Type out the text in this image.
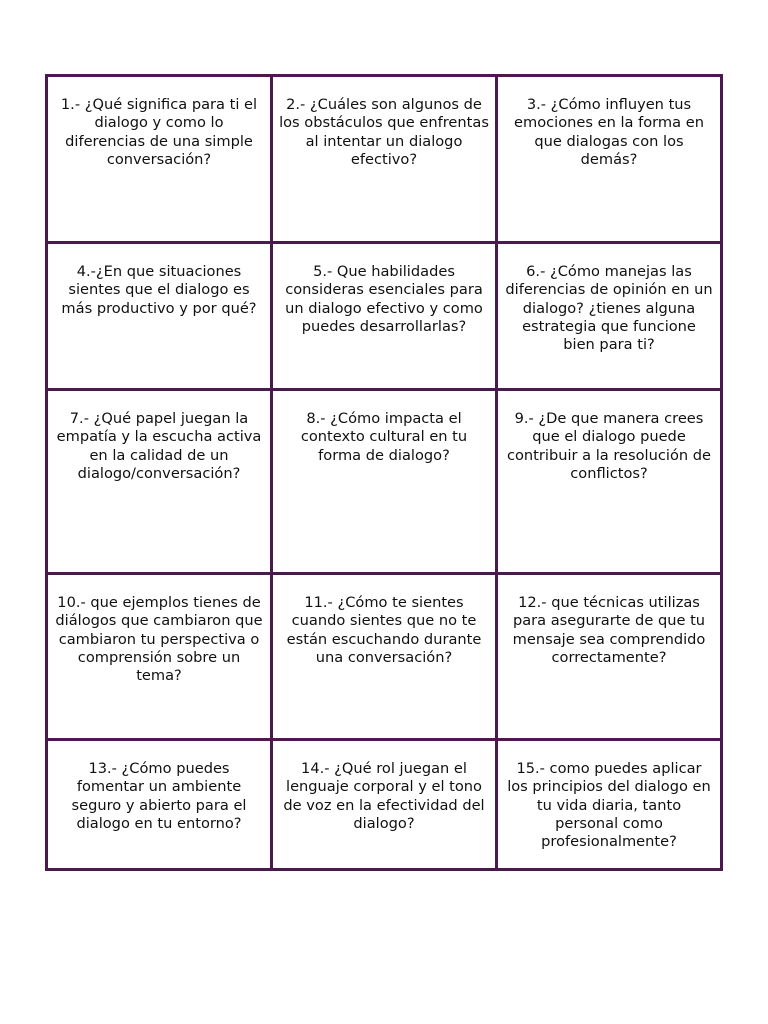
1.- ¿Qué significa para ti el dialogo y como lo diferencias de una simple conversación?	2.- ¿Cuáles son algunos de los obstáculos que enfrentas al intentar un dialogo efectivo?	3.- ¿Cómo influyen tus emociones en la forma en que dialogas con los demás?
4.-¿En que situaciones sientes que el dialogo es más productivo y por qué?	5.- Que habilidades consideras esenciales para un dialogo efectivo y como puedes desarrollarlas?	6.- ¿Cómo manejas las diferencias de opinión en un dialogo? ¿tienes alguna estrategia que funcione bien para ti?
7.- ¿Qué papel juegan la empatía y la escucha activa en la calidad de un dialogo/conversación?	8.- ¿Cómo impacta el contexto cultural en tu forma de dialogo?	9.- ¿De que manera crees que el dialogo puede contribuir a la resolución de conflictos?
10.- que ejemplos tienes de diálogos que cambiaron que cambiaron tu perspectiva o comprensión sobre un tema?	11.- ¿Cómo te sientes cuando sientes que no te están escuchando durante una conversación?	12.- que técnicas utilizas para asegurarte de que tu mensaje sea comprendido correctamente?
13.- ¿Cómo puedes fomentar un ambiente seguro y abierto para el dialogo en tu entorno?	14.- ¿Qué rol juegan el lenguaje corporal y el tono de voz en la efectividad del dialogo?	15.- como puedes aplicar los principios del dialogo en tu vida diaria, tanto personal como profesionalmente?
